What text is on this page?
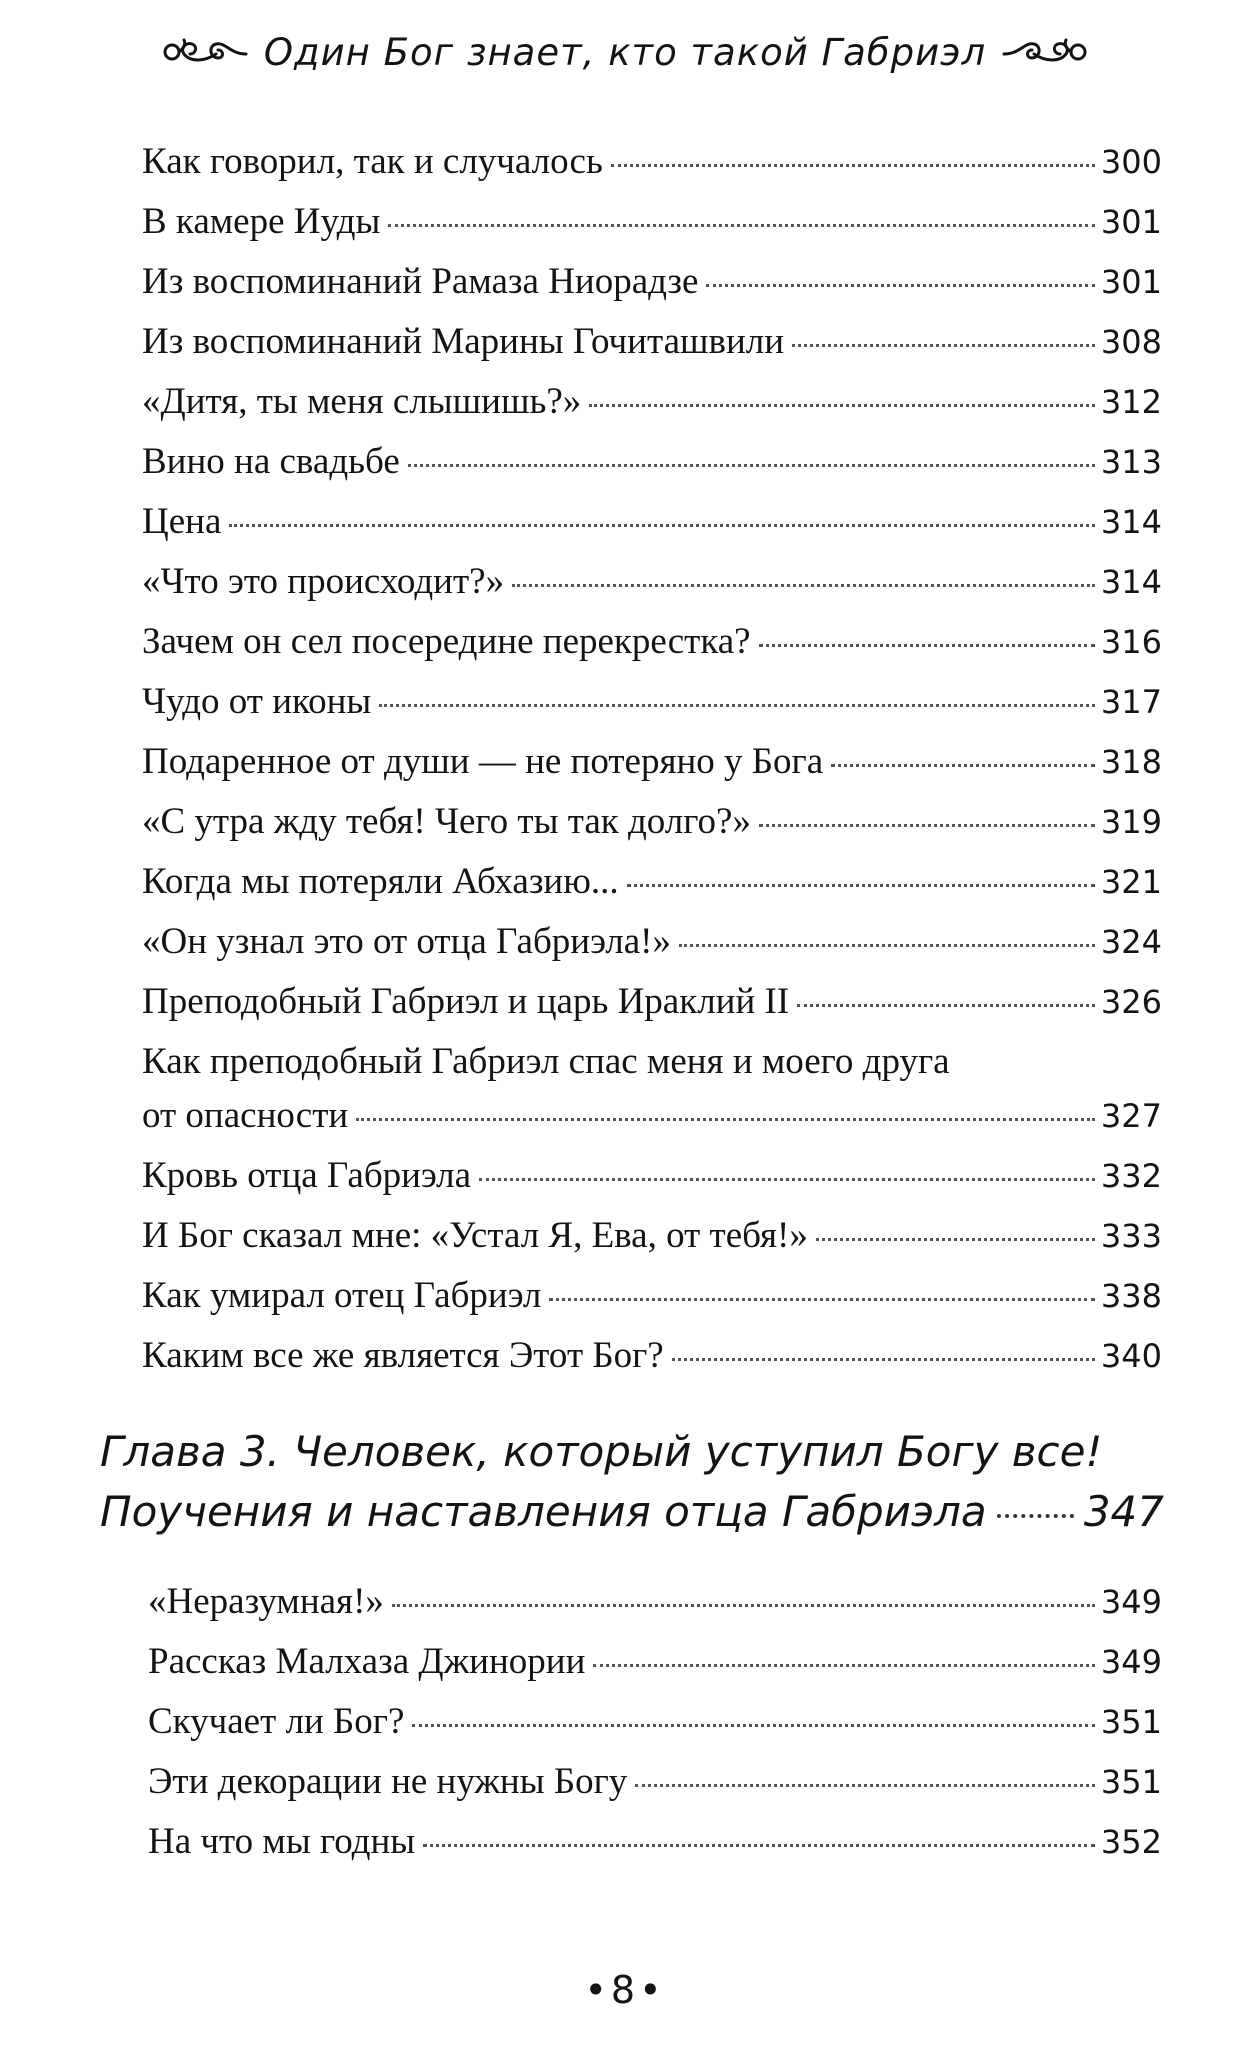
Один Бог знает, кто такой Габриэл
Как говорил, так и случалось	300
В камере Иуды	301
Из воспоминаний Рамаза Ниорадзе	301
Из воспоминаний Марины Гочиташвили	308
«Дитя, ты меня слышишь?»	312
Вино на свадьбе	313
Цена	314
«Что это происходит?»	314
Зачем он сел посередине перекрестка?	316
Чудо от иконы	317
Подаренное от души — не потеряно у Бога	318
«С утра жду тебя! Чего ты так долго?»	319
Когда мы потеряли Абхазию...	321
«Он узнал это от отца Габриэла!»	324
Преподобный Габриэл и царь Ираклий II	326
Как преподобный Габриэл спас меня и моего друга
от опасности	327
Кровь отца Габриэла	332
И Бог сказал мне: «Устал Я, Ева, от тебя!»	333
Как умирал отец Габриэл	338
Каким все же является Этот Бог?	340
Глава 3. Человек, который уступил Богу все!
Поучения и наставления отца Габриэла 347
«Неразумная!»	349
Рассказ Малхаза Джинории	349
Скучает ли Бог?	351
Эти декорации не нужны Богу	351
На что мы годны	352
•8•
